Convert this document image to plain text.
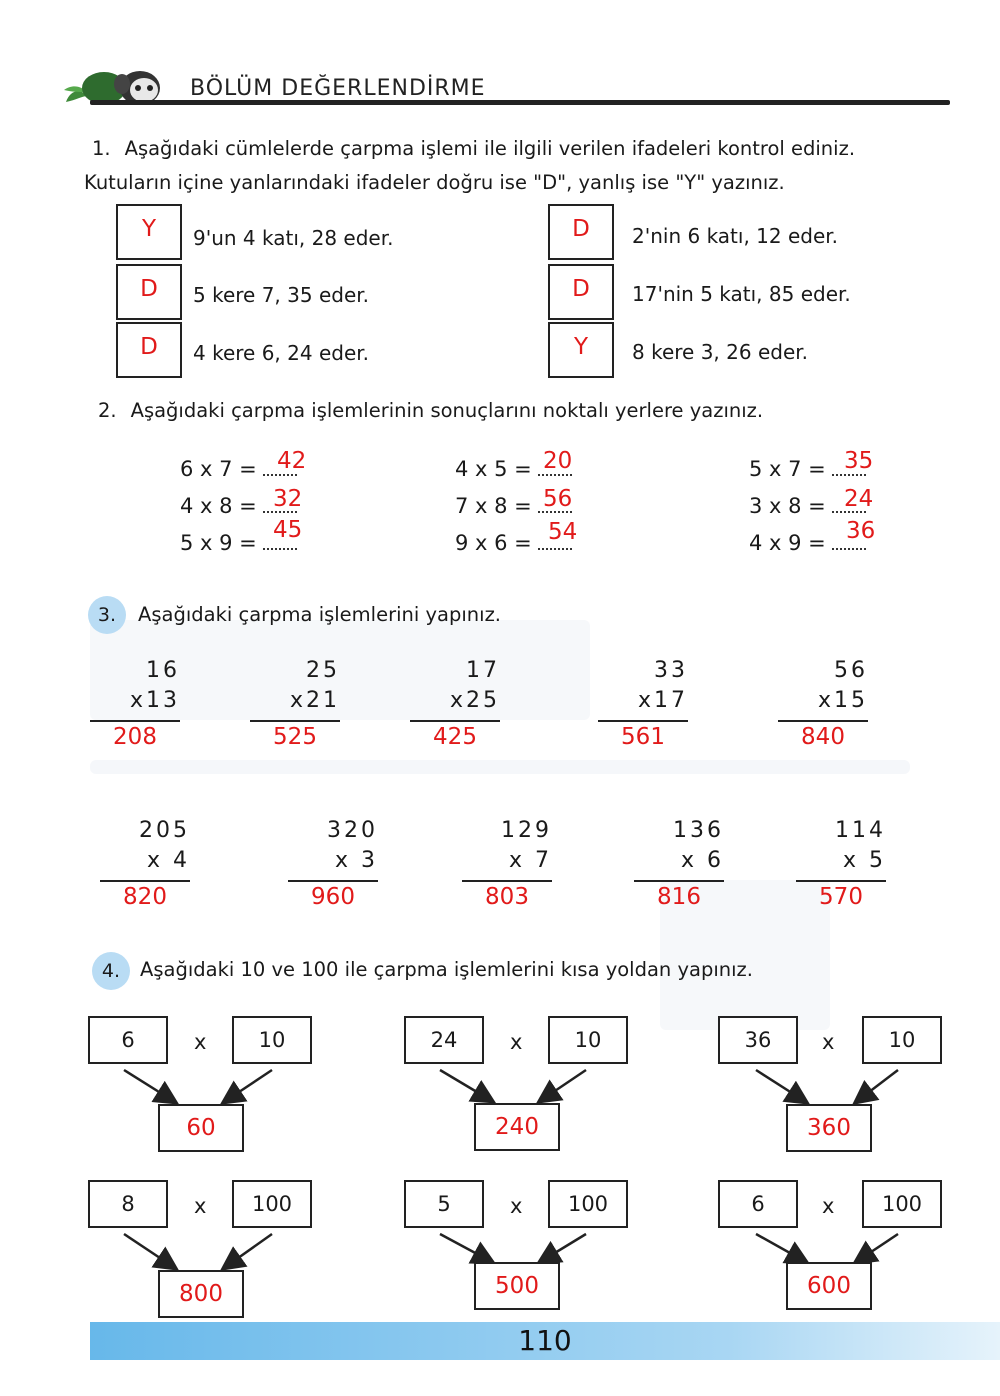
BÖLÜM DEĞERLENDİRME
1. Aşağıdaki cümlelerde çarpma işlemi ile ilgili verilen ifadeleri kontrol ediniz.
Kutuların içine yanlarındaki ifadeler doğru ise "D", yanlış ise "Y" yazınız.
Y	9'un 4 katı, 28 eder.	D	2'nin 6 katı, 12 eder.
D	5 kere 7, 35 eder.	D	17'nin 5 katı, 85 eder.
D	4 kere 6, 24 eder.	Y	8 kere 3, 26 eder.
2. Aşağıdaki çarpma işlemlerinin sonuçlarını noktalı yerlere yazınız.
6 x 7 = 42	4 x 5 = 20	5 x 7 = 35
4 x 8 = 32	7 x 8 = 56	3 x 8 = 24
5 x 9 = 45	9 x 6 = 54	4 x 9 = 36
3.	Aşağıdaki çarpma işlemlerini yapınız.
16
x13
208
25
x21
525
17
x25
425
33
x17
561
56
x15
840
205
x 4
820
320
x 3
960
129
x 7
803
136
x 6
816
114
x 5
570
4.	Aşağıdaki 10 ve 100 ile çarpma işlemlerini kısa yoldan yapınız.
6	x	10
60
24	x	10
240
36	x	10
360
8	x	100
800
5	x	100
500
6	x	100
600
110
